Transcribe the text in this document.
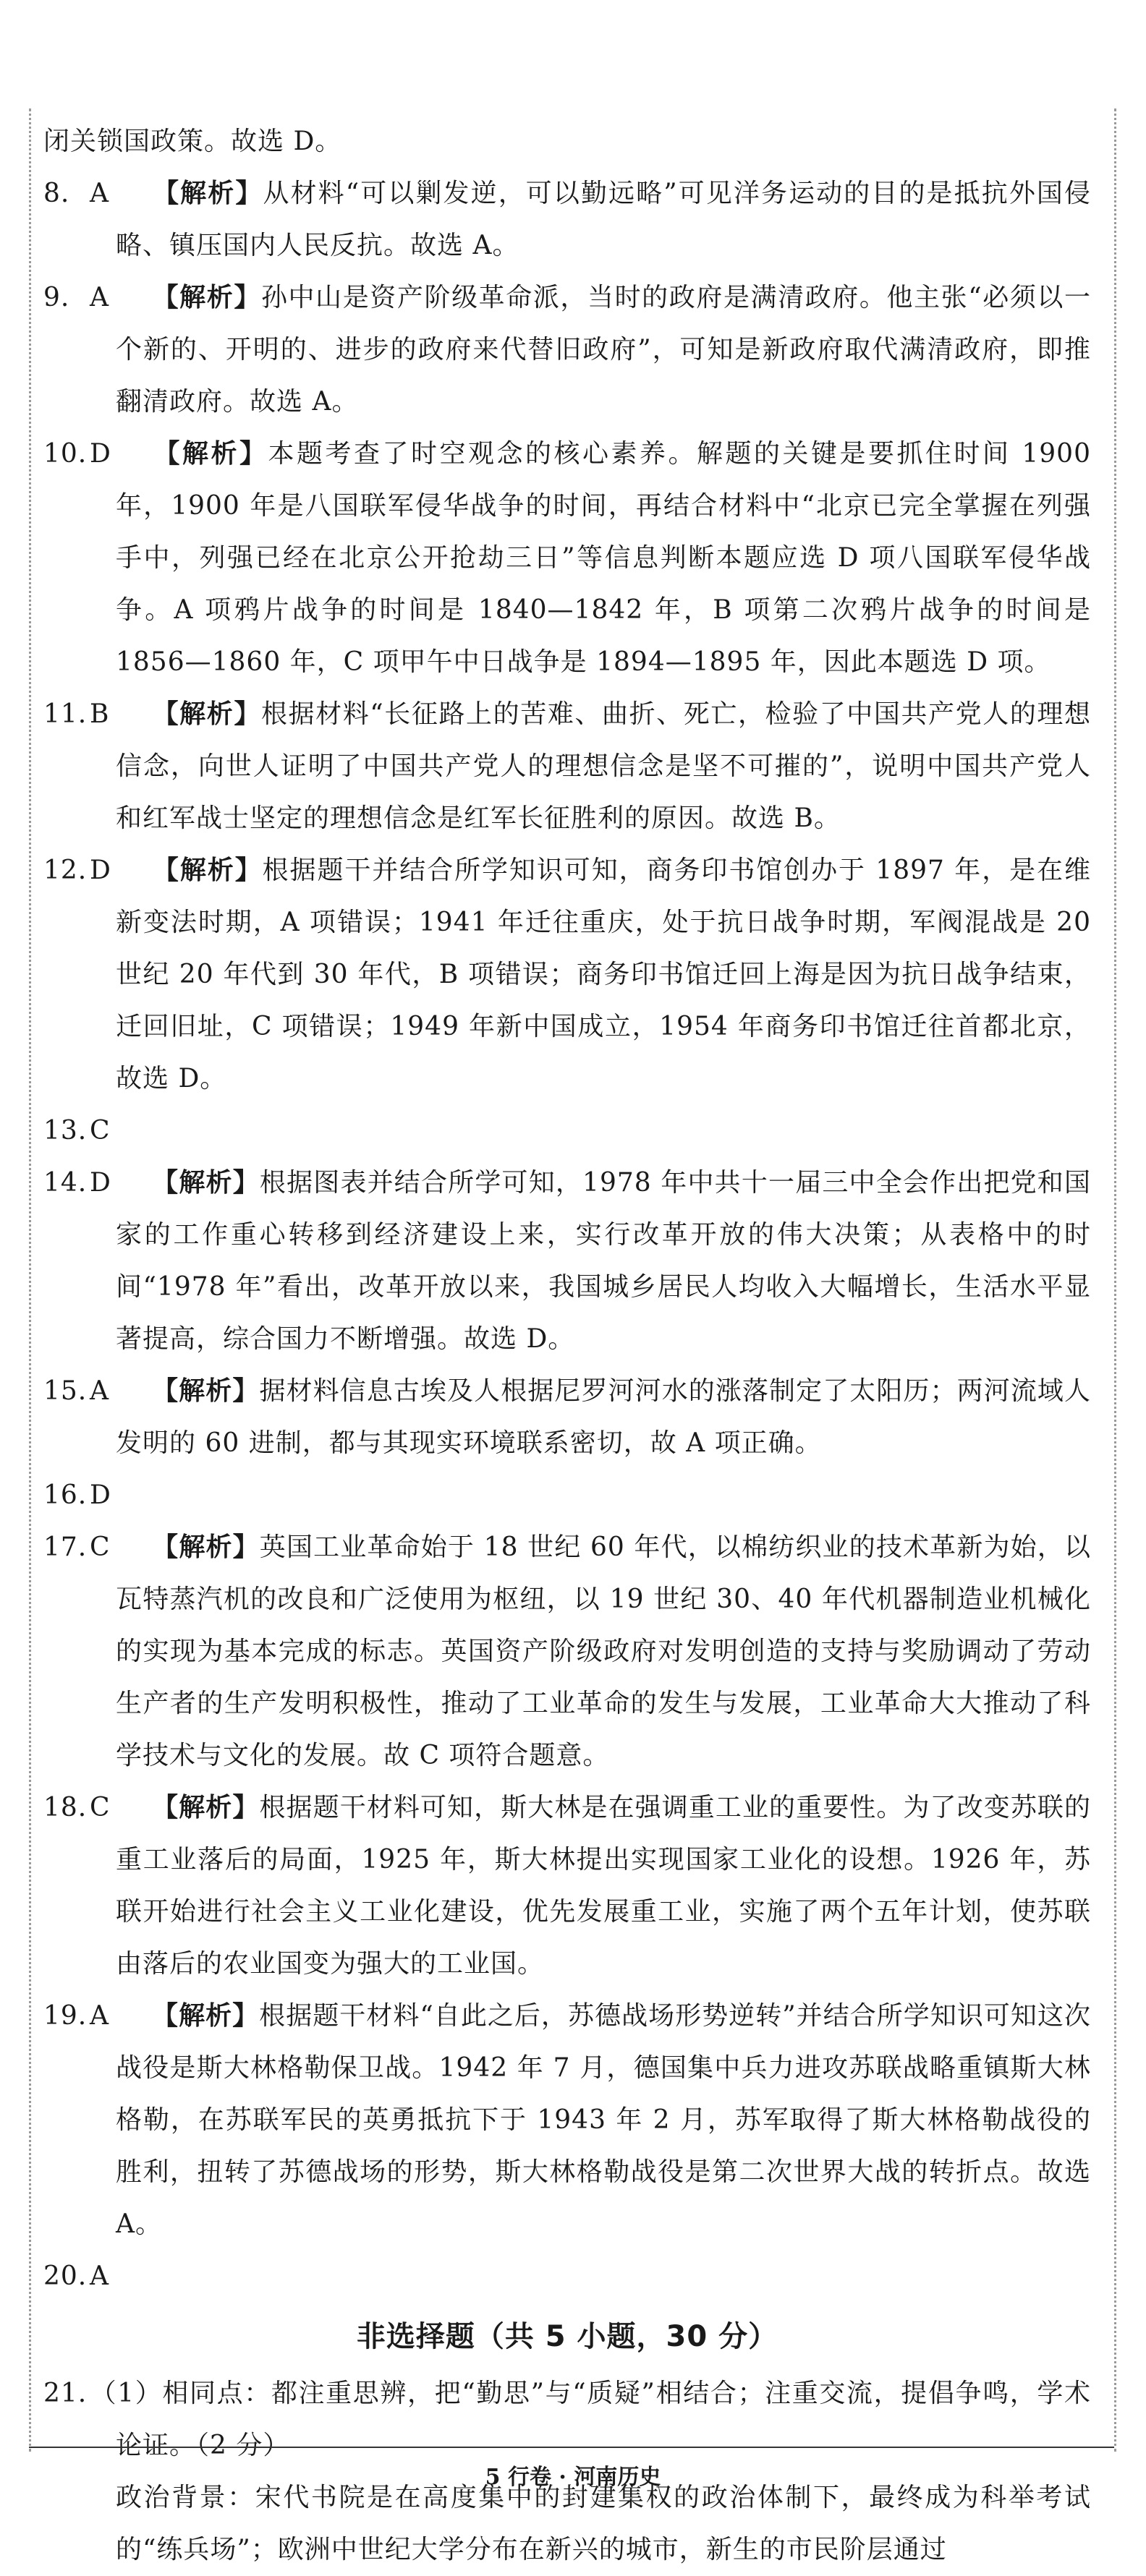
闭关锁国政策。故选 D。

8. A 【解析】从材料“可以剿发逆，可以勤远略”可见洋务运动的目的是抵抗外国侵略、镇压国内人民反抗。故选 A。

9. A 【解析】孙中山是资产阶级革命派，当时的政府是满清政府。他主张“必须以一个新的、开明的、进步的政府来代替旧政府”，可知是新政府取代满清政府，即推翻清政府。故选 A。

10. D 【解析】本题考查了时空观念的核心素养。解题的关键是要抓住时间 1900 年，1900 年是八国联军侵华战争的时间，再结合材料中“北京已完全掌握在列强手中，列强已经在北京公开抢劫三日”等信息判断本题应选 D 项八国联军侵华战争。A 项鸦片战争的时间是 1840—1842 年，B 项第二次鸦片战争的时间是 1856—1860 年，C 项甲午中日战争是 1894—1895 年，因此本题选 D 项。

11. B 【解析】根据材料“长征路上的苦难、曲折、死亡，检验了中国共产党人的理想信念，向世人证明了中国共产党人的理想信念是坚不可摧的”，说明中国共产党人和红军战士坚定的理想信念是红军长征胜利的原因。故选 B。

12. D 【解析】根据题干并结合所学知识可知，商务印书馆创办于 1897 年，是在维新变法时期，A 项错误；1941 年迁往重庆，处于抗日战争时期，军阀混战是 20 世纪 20 年代到 30 年代，B 项错误；商务印书馆迁回上海是因为抗日战争结束，迁回旧址，C 项错误；1949 年新中国成立，1954 年商务印书馆迁往首都北京，故选 D。

13. C

14. D 【解析】根据图表并结合所学可知，1978 年中共十一届三中全会作出把党和国家的工作重心转移到经济建设上来，实行改革开放的伟大决策；从表格中的时间“1978 年”看出，改革开放以来，我国城乡居民人均收入大幅增长，生活水平显著提高，综合国力不断增强。故选 D。

15. A 【解析】据材料信息古埃及人根据尼罗河河水的涨落制定了太阳历；两河流域人发明的 60 进制，都与其现实环境联系密切，故 A 项正确。

16. D

17. C 【解析】英国工业革命始于 18 世纪 60 年代，以棉纺织业的技术革新为始，以瓦特蒸汽机的改良和广泛使用为枢纽，以 19 世纪 30、40 年代机器制造业机械化的实现为基本完成的标志。英国资产阶级政府对发明创造的支持与奖励调动了劳动生产者的生产发明积极性，推动了工业革命的发生与发展，工业革命大大推动了科学技术与文化的发展。故 C 项符合题意。

18. C 【解析】根据题干材料可知，斯大林是在强调重工业的重要性。为了改变苏联的重工业落后的局面，1925 年，斯大林提出实现国家工业化的设想。1926 年，苏联开始进行社会主义工业化建设，优先发展重工业，实施了两个五年计划，使苏联由落后的农业国变为强大的工业国。

19. A 【解析】根据题干材料“自此之后，苏德战场形势逆转”并结合所学知识可知这次战役是斯大林格勒保卫战。1942 年 7 月，德国集中兵力进攻苏联战略重镇斯大林格勒，在苏联军民的英勇抵抗下于 1943 年 2 月，苏军取得了斯大林格勒战役的胜利，扭转了苏德战场的形势，斯大林格勒战役是第二次世界大战的转折点。故选 A。

20. A

非选择题（共 5 小题，30 分）

21. （1）相同点：都注重思辨，把“勤思”与“质疑”相结合；注重交流，提倡争鸣，学术论证。（2 分）

政治背景：宋代书院是在高度集中的封建集权的政治体制下，最终成为科举考试的“练兵场”；欧洲中世纪大学分布在新兴的城市，新生的市民阶层通过

5 行卷 · 河南历史
